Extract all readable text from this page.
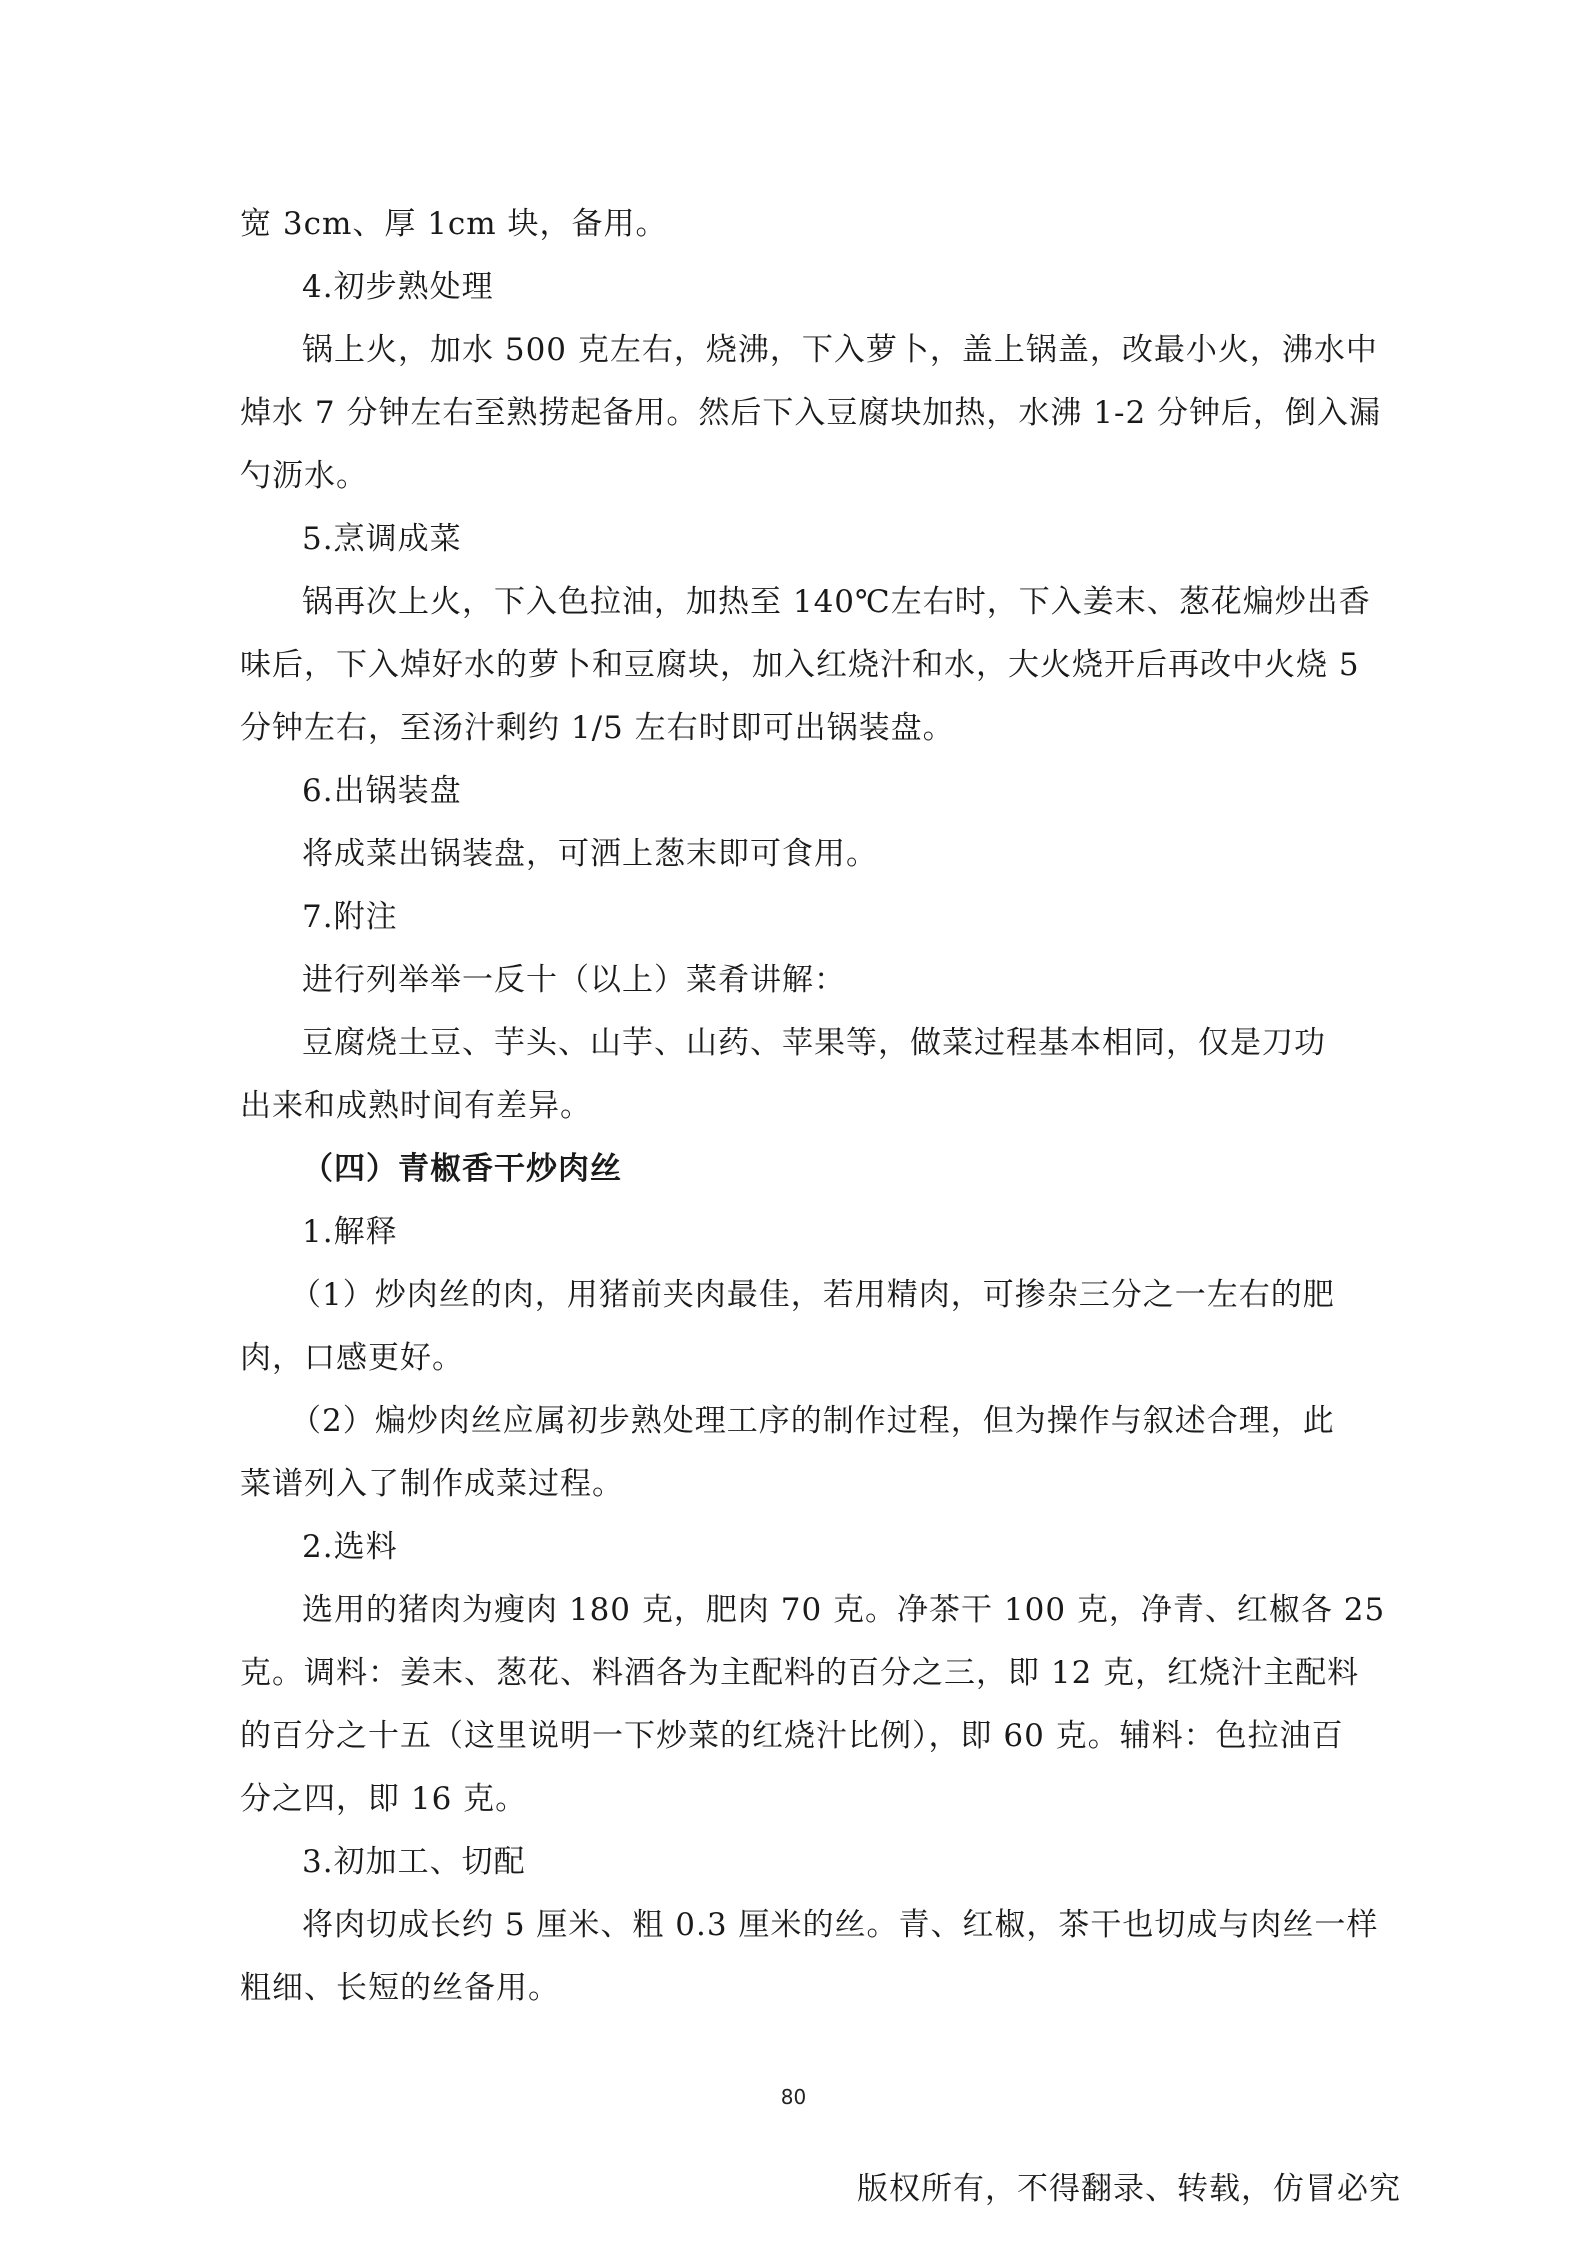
宽 3cm、厚 1cm 块，备用。
4.初步熟处理
锅上火，加水 500 克左右，烧沸，下入萝卜，盖上锅盖，改最小火，沸水中
焯水 7 分钟左右至熟捞起备用。然后下入豆腐块加热，水沸 1-2 分钟后，倒入漏
勺沥水。
5.烹调成菜
锅再次上火，下入色拉油，加热至 140℃左右时，下入姜末、葱花煸炒出香
味后，下入焯好水的萝卜和豆腐块，加入红烧汁和水，大火烧开后再改中火烧 5
分钟左右，至汤汁剩约 1/5 左右时即可出锅装盘。
6.出锅装盘
将成菜出锅装盘，可洒上葱末即可食用。
7.附注
进行列举举一反十（以上）菜肴讲解：
豆腐烧土豆、芋头、山芋、山药、苹果等，做菜过程基本相同，仅是刀功
出来和成熟时间有差异。
（四）青椒香干炒肉丝
1.解释
（1）炒肉丝的肉，用猪前夹肉最佳，若用精肉，可掺杂三分之一左右的肥
肉，口感更好。
（2）煸炒肉丝应属初步熟处理工序的制作过程，但为操作与叙述合理，此
菜谱列入了制作成菜过程。
2.选料
选用的猪肉为瘦肉 180 克，肥肉 70 克。净茶干 100 克，净青、红椒各 25
克。调料：姜末、葱花、料酒各为主配料的百分之三，即 12 克，红烧汁主配料
的百分之十五（这里说明一下炒菜的红烧汁比例），即 60 克。辅料：色拉油百
分之四，即 16 克。
3.初加工、切配
将肉切成长约 5 厘米、粗 0.3 厘米的丝。青、红椒，茶干也切成与肉丝一样
粗细、长短的丝备用。
80
版权所有，不得翻录、转载，仿冒必究
